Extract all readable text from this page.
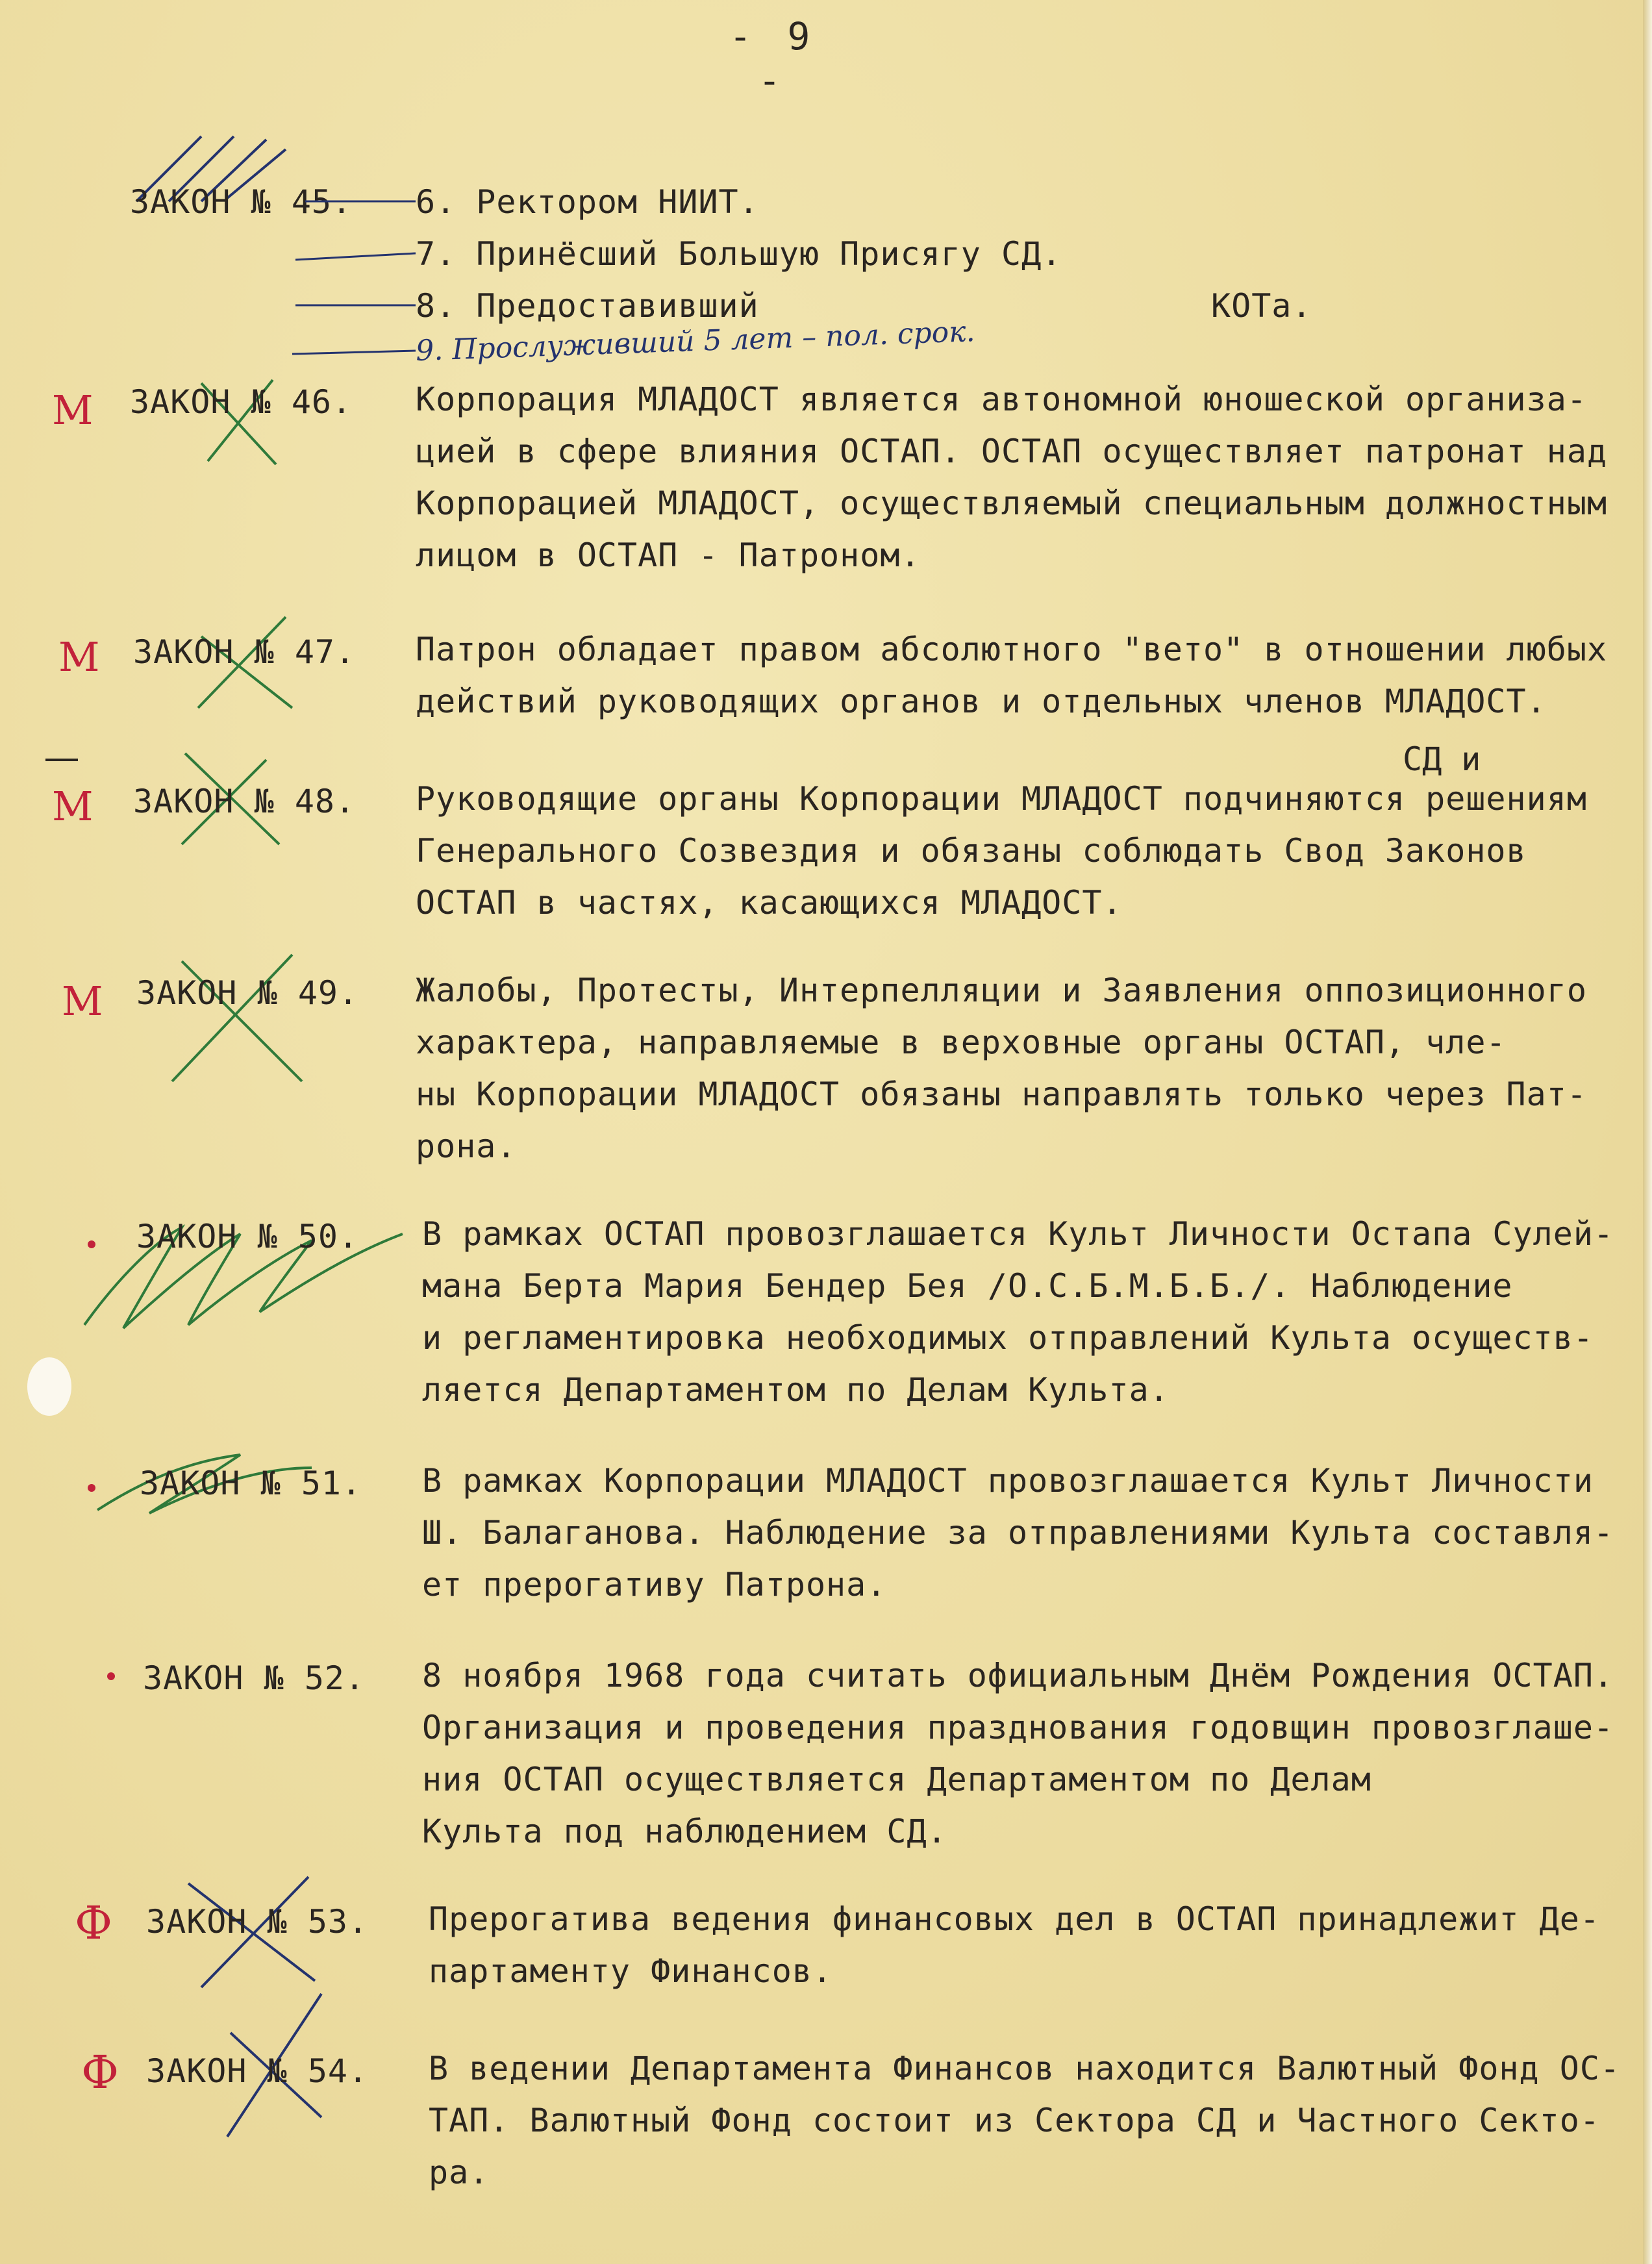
- 9 -
ЗАКОН № 45. 6. Ректором НИИТ.
7. Принёсший Большую Присягу СД.
8. Предоставивший	КОТа.
9. Прослуживший 5 лет – пол. срок.
М ЗАКОН № 46. Корпорация МЛАДОСТ является автономной юношеской организа-
цией в сфере влияния ОСТАП. ОСТАП осуществляет патронат над
Корпорацией МЛАДОСТ, осуществляемый специальным должностным
лицом в ОСТАП - Патроном.
М ЗАКОН № 47. Патрон обладает правом абсолютного "вето" в отношении любых
действий руководящих органов и отдельных членов МЛАДОСТ.
М
СД и
ЗАКОН № 48. Руководящие органы Корпорации МЛАДОСТ подчиняются решениям
Генерального Созвездия и обязаны соблюдать Свод Законов
ОСТАП в частях, касающихся МЛАДОСТ.
М ЗАКОН № 49. Жалобы, Протесты, Интерпелляции и Заявления оппозиционного
характера, направляемые в верховные органы ОСТАП, чле-
ны Корпорации МЛАДОСТ обязаны направлять только через Пат-
рона.
ЗАКОН № 50. В рамках ОСТАП провозглашается Культ Личности Остапа Сулей-
мана Берта Мария Бендер Бея /О.С.Б.М.Б.Б./. Наблюдение
и регламентировка необходимых отправлений Культа осуществ-
ляется Департаментом по Делам Культа.
ЗАКОН № 51. В рамках Корпорации МЛАДОСТ провозглашается Культ Личности
Ш. Балаганова. Наблюдение за отправлениями Культа составля-
ет прерогативу Патрона.
ЗАКОН № 52. 8 ноября 1968 года считать официальным Днём Рождения ОСТАП.
Организация и проведения празднования годовщин провозглаше-
ния ОСТАП осуществляется Департаментом по Делам
Культа под наблюдением СД.
Ф ЗАКОН № 53. Прерогатива ведения финансовых дел в ОСТАП принадлежит Де-
партаменту Финансов.
Ф ЗАКОН № 54. В ведении Департамента Финансов находится Валютный Фонд ОС-
ТАП. Валютный Фонд состоит из Сектора СД и Частного Секто-
ра.
